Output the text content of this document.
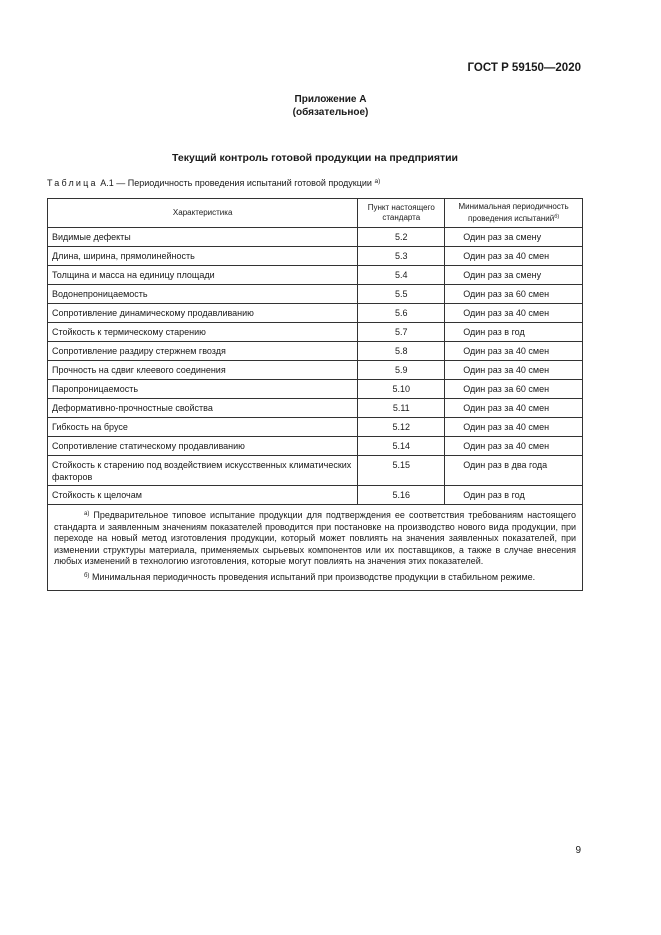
ГОСТ Р 59150—2020
Приложение А
(обязательное)
Текущий контроль готовой продукции на предприятии
Таблица А.1 — Периодичность проведения испытаний готовой продукции $^{а)}$
Характеристика	Пункт настоящего стандарта	Минимальная периодичность проведения испытаний$^{б)}$
Видимые дефекты	5.2	Один раз за смену
Длина, ширина, прямолинейность	5.3	Один раз за 40 смен
Толщина и масса на единицу площади	5.4	Один раз за смену
Водонепроницаемость	5.5	Один раз за 60 смен
Сопротивление динамическому продавливанию	5.6	Один раз за 40 смен
Стойкость к термическому старению	5.7	Один раз в год
Сопротивление раздиру стержнем гвоздя	5.8	Один раз за 40 смен
Прочность на сдвиг клеевого соединения	5.9	Один раз за 40 смен
Паропроницаемость	5.10	Один раз за 60 смен
Деформативно-прочностные свойства	5.11	Один раз за 40 смен
Гибкость на брусе	5.12	Один раз за 40 смен
Сопротивление статическому продавливанию	5.14	Один раз за 40 смен
Стойкость к старению под воздействием искусственных климатических факторов	5.15	Один раз в два года
Стойкость к щелочам	5.16	Один раз в год

$^{а)}$ Предварительное типовое испытание продукции для подтверждения ее соответствия требованиям настоящего стандарта и заявленным значениям показателей проводится при постановке на производство нового вида продукции, при переходе на новый метод изготовления продукции, который может повлиять на значения заявленных показателей, при изменении структуры материала, применяемых сырьевых компонентов или их поставщиков, а также в случае внесения любых изменений в технологию изготовления, которые могут повлиять на значения этих показателей.

$^{б)}$ Минимальная периодичность проведения испытаний при производстве продукции в стабильном режиме.		

9
